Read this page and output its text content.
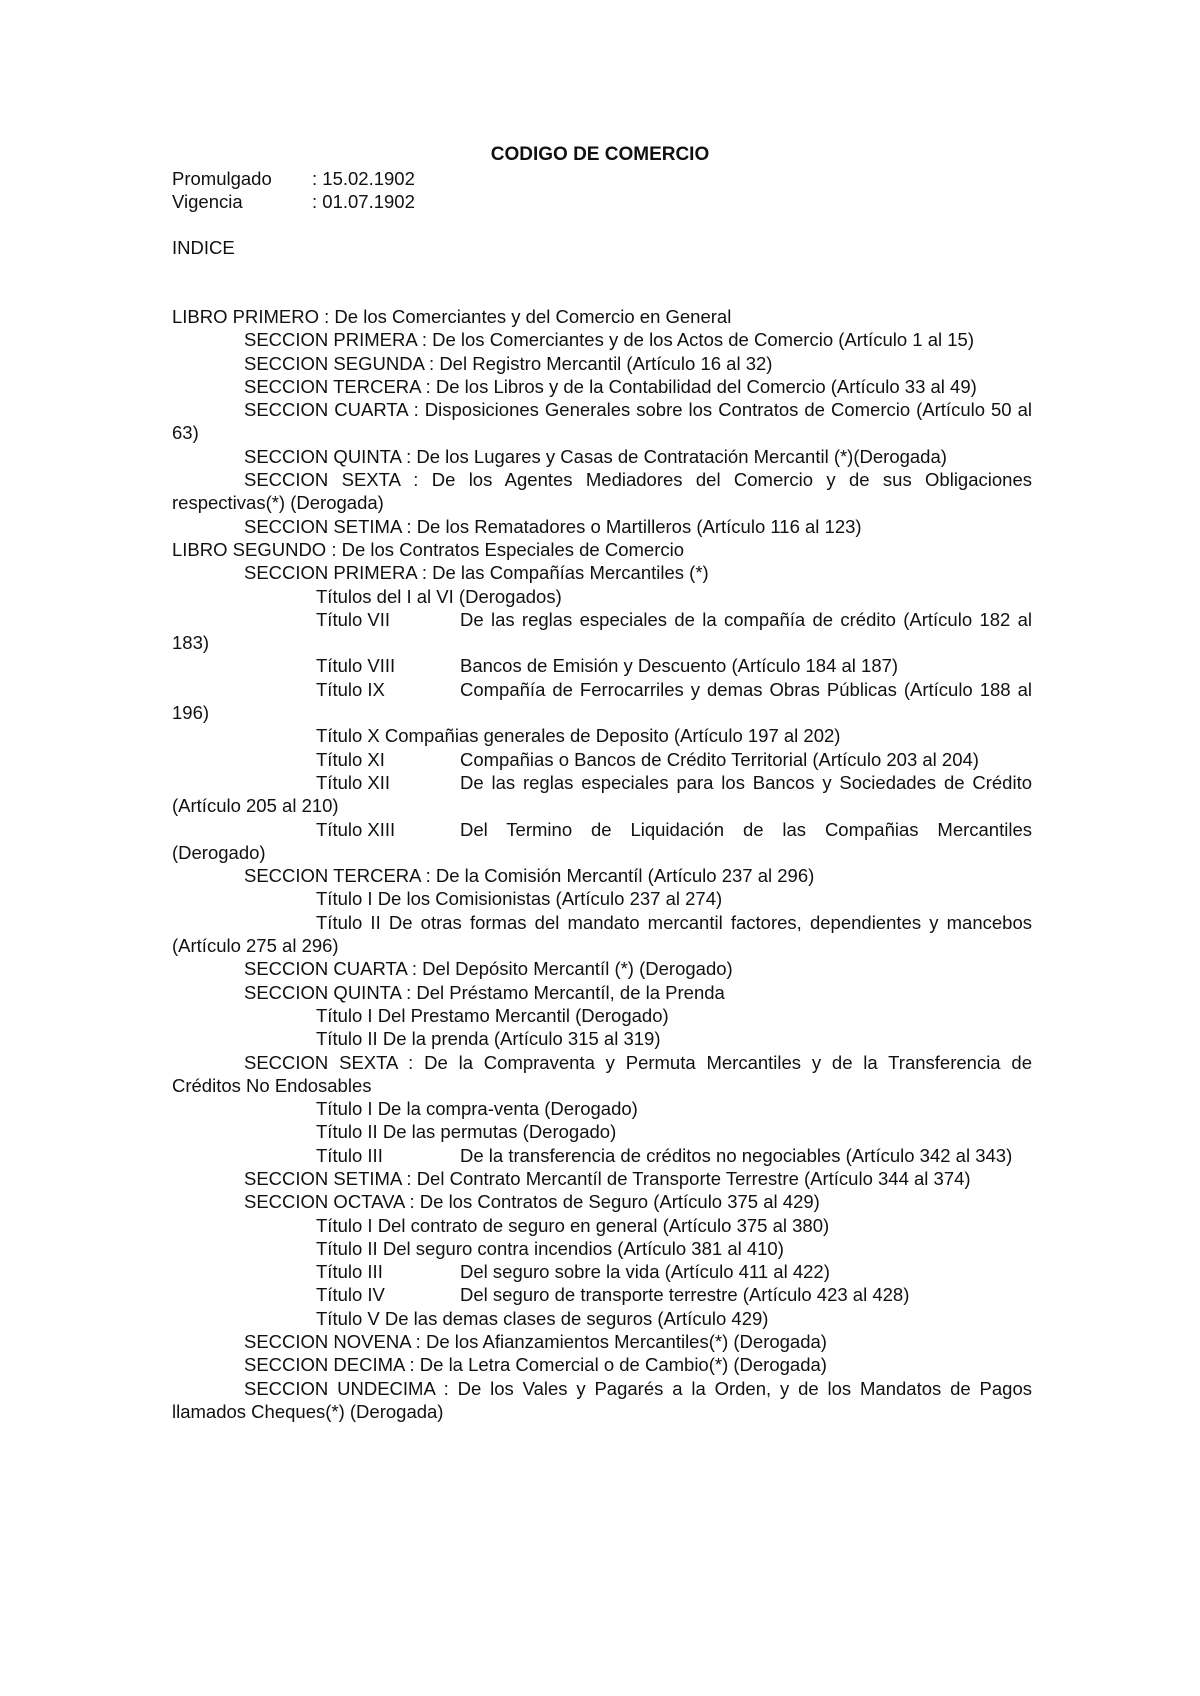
CODIGO DE COMERCIO
Promulgado : 15.02.1902
Vigencia	: 01.07.1902
INDICE
LIBRO PRIMERO : De los Comerciantes y del Comercio en General
SECCION PRIMERA : De los Comerciantes y de los Actos de Comercio (Artículo 1 al 15)
SECCION SEGUNDA : Del Registro Mercantil (Artículo 16 al 32)
SECCION TERCERA : De los Libros y de la Contabilidad del Comercio (Artículo 33 al 49)
SECCION CUARTA : Disposiciones Generales sobre los Contratos de Comercio (Artículo 50 al 63)
SECCION QUINTA : De los Lugares y Casas de Contratación Mercantil (*)(Derogada)
SECCION SEXTA : De los Agentes Mediadores del Comercio y de sus Obligaciones respectivas(*) (Derogada)
SECCION SETIMA : De los Rematadores o Martilleros (Artículo 116 al 123)
LIBRO SEGUNDO : De los Contratos Especiales de Comercio
SECCION PRIMERA : De las Compañías Mercantiles (*)
Títulos del I al VI (Derogados)
Título VII	De las reglas especiales de la compañía de crédito (Artículo 182 al 183)
Título VIII	Bancos de Emisión y Descuento (Artículo 184 al 187)
Título IX	Compañía de Ferrocarriles y demas Obras Públicas (Artículo 188 al 196)
Título X Compañias generales de Deposito (Artículo 197 al 202)
Título XI	Compañias o Bancos de Crédito Territorial (Artículo 203 al 204)
Título XII	De las reglas especiales para los Bancos y Sociedades de Crédito (Artículo 205 al 210)
Título XIII	Del Termino de Liquidación de las Compañias Mercantiles (Derogado)
SECCION TERCERA : De la Comisión Mercantíl (Artículo 237 al 296)
Título I De los Comisionistas (Artículo 237 al 274)
Título II De otras formas del mandato mercantil factores, dependientes y mancebos (Artículo 275 al 296)
SECCION CUARTA : Del Depósito Mercantíl (*) (Derogado)
SECCION QUINTA : Del Préstamo Mercantíl, de la Prenda
Título I Del Prestamo Mercantil (Derogado)
Título II De la prenda (Artículo 315 al 319)
SECCION SEXTA : De la Compraventa y Permuta Mercantiles y de la Transferencia de Créditos No Endosables
Título I De la compra-venta (Derogado)
Título II De las permutas (Derogado)
Título III	De la transferencia de créditos no negociables (Artículo 342 al 343)
SECCION SETIMA : Del Contrato Mercantíl de Transporte Terrestre (Artículo 344 al 374)
SECCION OCTAVA : De los Contratos de Seguro (Artículo 375 al 429)
Título I Del contrato de seguro en general (Artículo 375 al 380)
Título II Del seguro contra incendios (Artículo 381 al 410)
Título III	Del seguro sobre la vida (Artículo 411 al 422)
Título IV	Del seguro de transporte terrestre (Artículo 423 al 428)
Título V De las demas clases de seguros (Artículo 429)
SECCION NOVENA : De los Afianzamientos Mercantiles(*) (Derogada)
SECCION DECIMA : De la Letra Comercial o de Cambio(*) (Derogada)
SECCION UNDECIMA : De los Vales y Pagarés a la Orden, y de los Mandatos de Pagos llamados Cheques(*) (Derogada)
